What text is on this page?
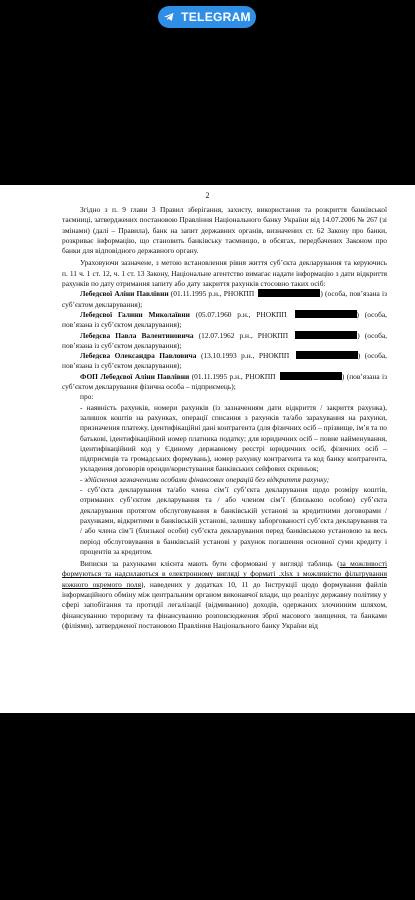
TELEGRAM
2

Згідно з п. 9 глави 3 Правил зберігання, захисту, використання та розкриття банківської таємниці, затверджених постановою Правління Національного банку України від 14.07.2006 № 267 (зі змінами) (далі – Правила), банк на запит державних органів, визначених ст. 62 Закону про банки, розкриває інформацію, що становить банківську таємницю, в обсягах, передбачених Законом про банки для відповідного державного органу.

Ураховуючи зазначене, з метою встановлення рівня життя суб’єкта декларування та керуючись п. 11 ч. 1 ст. 12, ч. 1 ст. 13 Закону, Національне агентство вимагає надати інформацію з дати відкриття рахунків по дату отримання запиту або дату закриття рахунків стосовно таких осіб:

Лебедєвої Аліни Павлівни (01.11.1995 р.н., РНОКПП	) (особа, пов’язана із суб’єктом декларування);

Лебедєвої Галини Миколаївни (05.07.1960 р.н., РНОКПП	) (особа, пов’язана із суб’єктом декларування);

Лебедєва Павла Валентиновича (12.07.1962 р.н., РНОКПП	) (особа, пов’язана із суб’єктом декларування);

Лебедєва Олександра Павловича (13.10.1993 р.н., РНОКПП	) (особа, пов’язана із суб’єктом декларування);

ФОП Лебедєвої Аліни Павлівни (01.11.1995 р.н., РНОКПП	) (пов’язана із суб’єктом декларування фізична особа – підприємець);

про:

- наявність рахунків, номери рахунків (із зазначенням дати відкриття / закриття рахунка), залишок коштів на рахунках, операції списання з рахунків та/або зарахування на рахунки, призначення платежу, ідентифікаційні дані контрагента (для фізичних осіб – прізвище, ім’я та по батькові, ідентифікаційний номер платника податку; для юридичних осіб – повне найменування, ідентифікаційний код у Єдиному державному реєстрі юридичних осіб, фізичних осіб – підприємців та громадських формувань), номер рахунку контрагента та код банку контрагента, укладення договорів оренди/користування банківських сейфових скриньок;

- здійснення зазначеними особами фінансових операцій без відкриття рахунку;

- суб’єкта декларування та/або члена сім’ї суб’єкта декларування щодо розміру коштів, отриманих суб’єктом декларування та / або членом сім’ї (близькою особою) суб’єкта декларування протягом обслуговування в банківській установі за кредитними договорами / рахунками, відкритими в банківській установі, залишку заборгованості суб’єкта декларування та / або члена сім’ї (близької особи) суб’єкта декларування перед банківською установою за весь період обслуговування в банківській установі у рахунок погашення основної суми кредиту і процентів за кредитом.

Виписки за рахунками клієнта мають бути сформовані у вигляді таблиць (за можливості формуються та надсилаються в електронному вигляді у форматі .xlsx з можливістю фільтрування кожного окремого поля), наведених у додатках 10, 11 до Інструкції щодо формування файлів інформаційного обміну між центральним органом виконавчої влади, що реалізує державну політику у сфері запобігання та протидії легалізації (відмиванню) доходів, одержаних злочинним шляхом, фінансуванню тероризму та фінансуванню розповсюдження зброї масового знищення, та банками (філіями), затвердженої постановою Правління Національного банку України від
